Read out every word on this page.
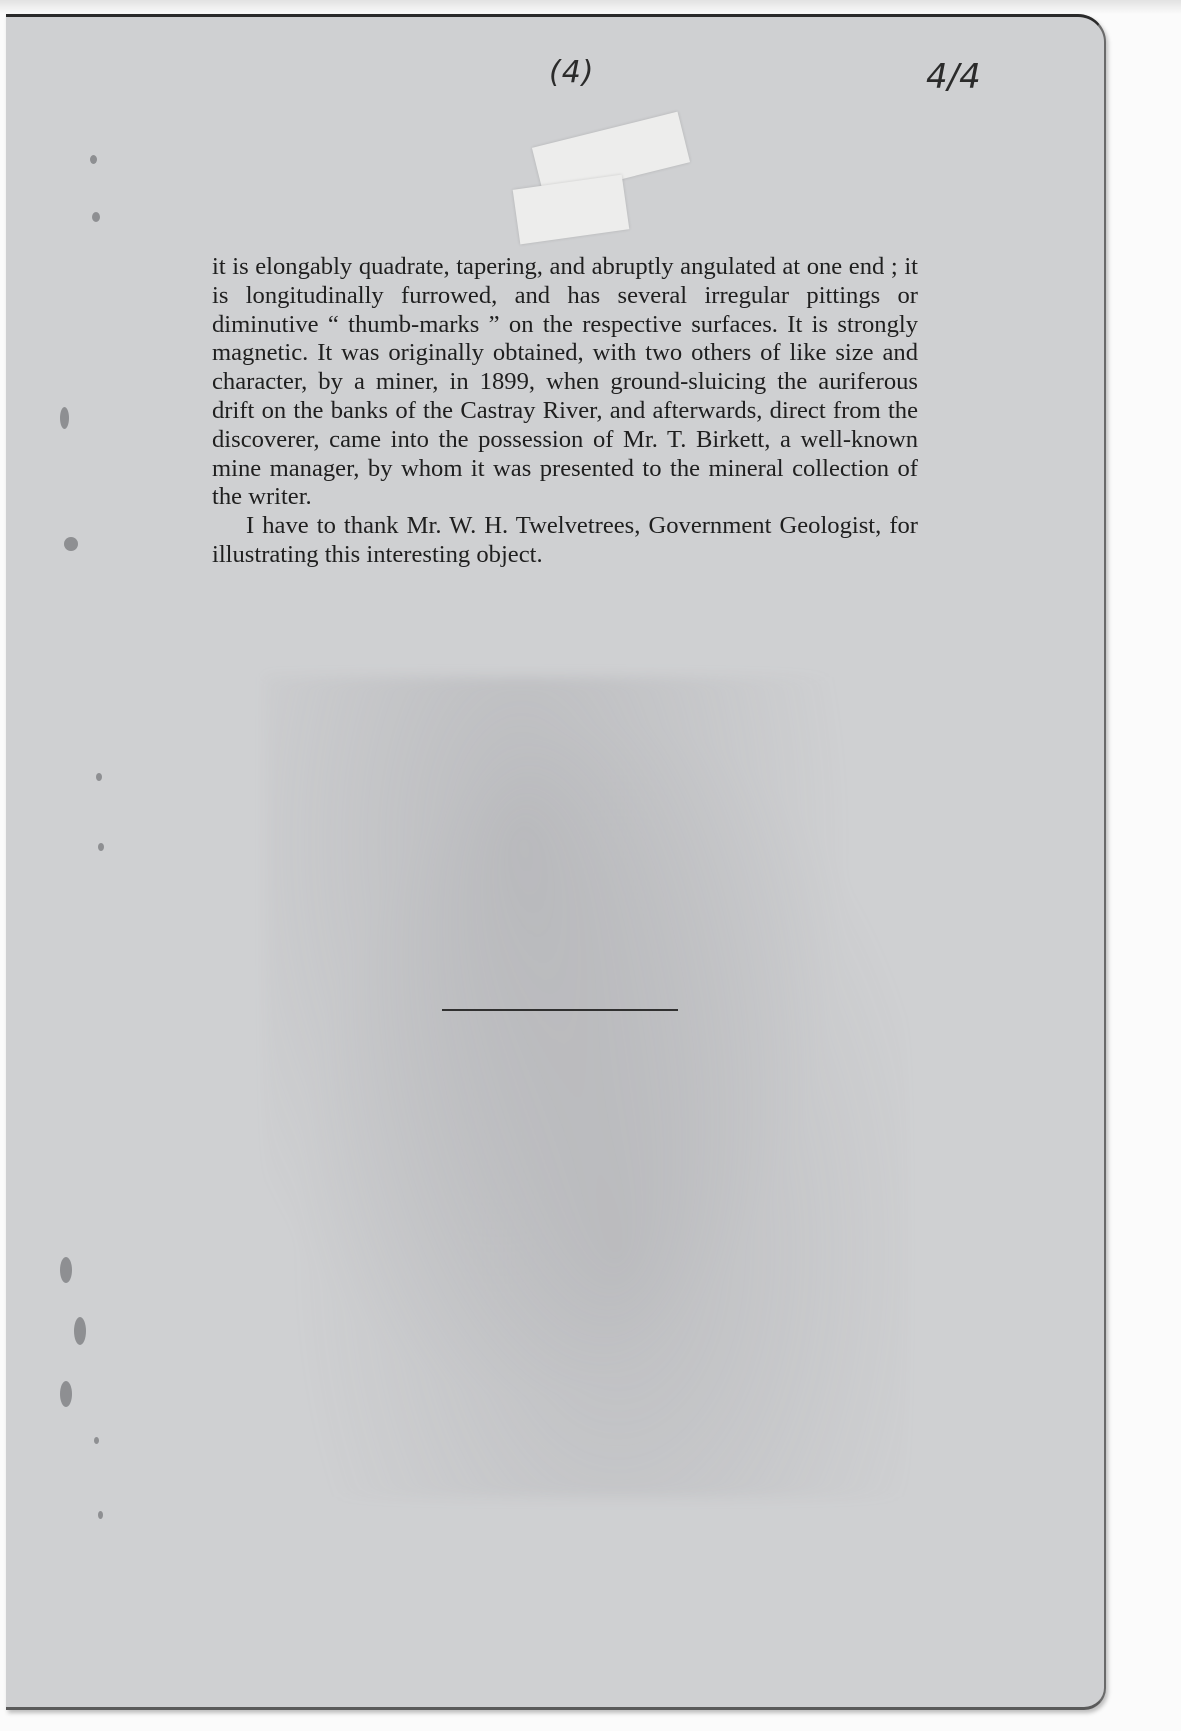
(4)	4/4

it is elongably quadrate, tapering, and abruptly angulated at one end ; it is longitudinally furrowed, and has several irregular pittings or diminutive “ thumb-marks ” on the respective surfaces. It is strongly magnetic. It was originally obtained, with two others of like size and character, by a miner, in 1899, when ground-sluicing the auriferous drift on the banks of the Castray River, and afterwards, direct from the discoverer, came into the possession of Mr. T. Birkett, a well-known mine manager, by whom it was presented to the mineral collection of the writer.

I have to thank Mr. W. H. Twelvetrees, Government Geologist, for illustrating this interesting object.
